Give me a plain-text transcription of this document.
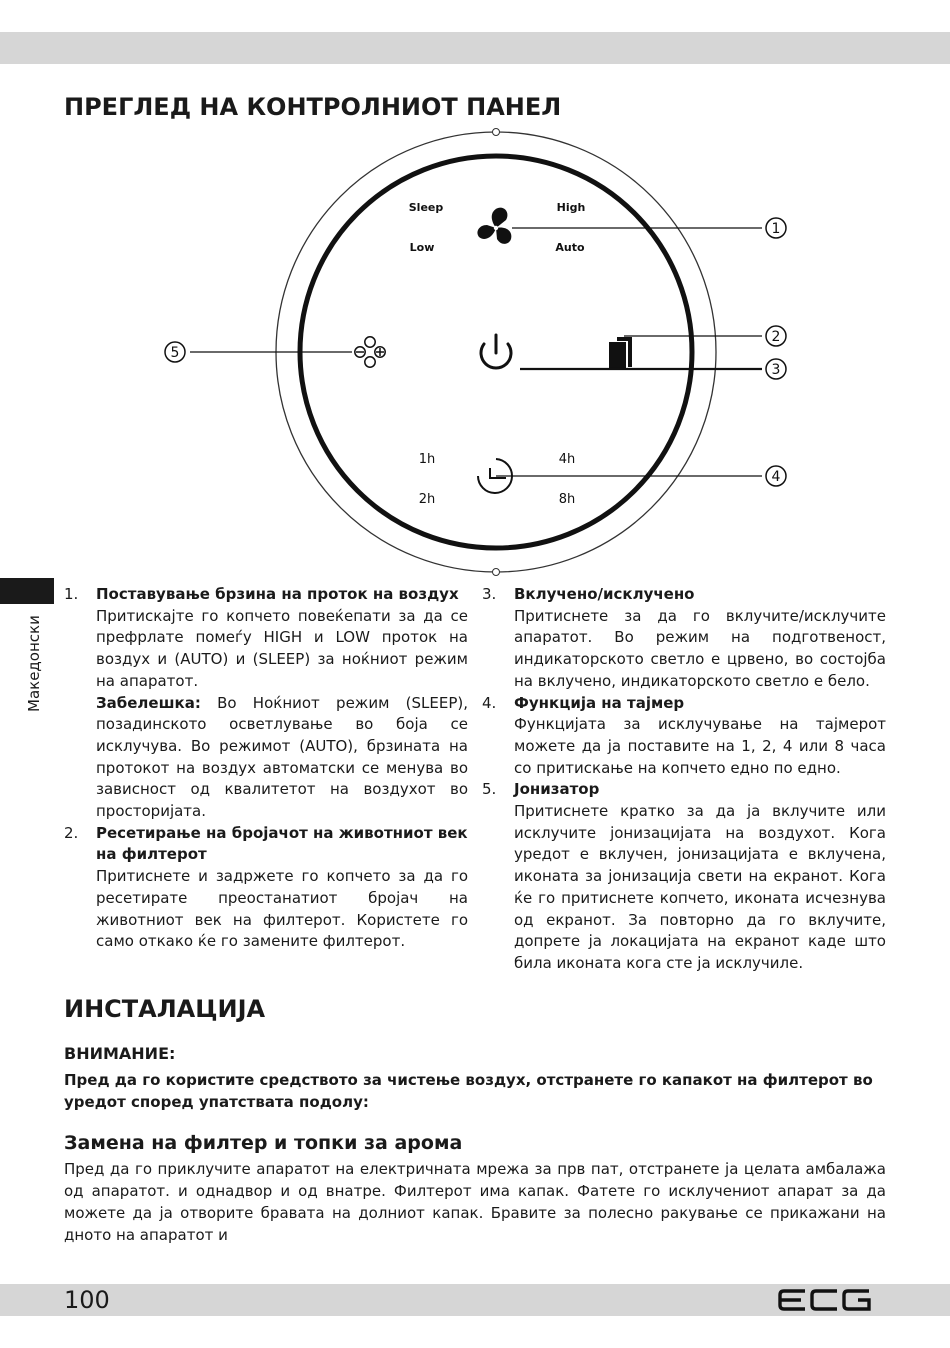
Македонски
ПРЕГЛЕД НА КОНТРОЛНИОТ ПАНЕЛ
Sleep	High
Low	Auto
1h	4h
2h	8h
1
2
3
4
5
1. Поставување брзина на проток на воздух
Притискајте го копчето повеќепати за да се префрлате помеѓу HIGH и LOW проток на воздух и (AUTO) и (SLEEP) за ноќниот режим на апаратот.
Забелешка: Во Ноќниот режим (SLEEP), позадинското осветлување во боја се исклучува. Во режимот (AUTO), брзината на протокот на воздух автоматски се менува во зависност од квалитетот на воздухот во просторијата.
2. Ресетирање на бројачот на животниот век на филтерот
Притиснете и задржете го копчето за да го ресетирате преостанатиот бројач на животниот век на филтерот. Користете го само откако ќе го замените филтерот.
3. Вклучено/исклучено
Притиснете за да го вклучите/исклучите апаратот. Во режим на подготвеност, индикаторското светло е црвено, во состојба на вклучено, индикаторското светло е бело.
4. Функција на тајмер
Функцијата за исклучување на тајмерот можете да ја поставите на 1, 2, 4 или 8 часа со притискање на копчето едно по едно.
5. Јонизатор
Притиснете кратко за да ја вклучите или исклучите јонизацијата на воздухот. Кога уредот е вклучен, јонизацијата е вклучена, иконата за јонизација свети на екранот. Кога ќе го притиснете копчето, иконата исчезнува од екранот. За повторно да го вклучите, допрете ја локацијата на екранот каде што била иконата кога сте ја исклучиле.
ИНСТАЛАЦИЈА
ВНИМАНИЕ:
Пред да го користите средството за чистење воздух, отстранете го капакот на филтерот во уредот според упатствата подолу:
Замена на филтер и топки за арома
Пред да го приклучите апаратот на електричната мрежа за прв пат, отстранете ја целата амбалажа од апаратот. и однадвор и од внатре. Филтерот има капак. Фатете го исклучениот апарат за да можете да ја отворите бравата на долниот капак. Бравите за полесно ракување се прикажани на дното на апаратот и
100
